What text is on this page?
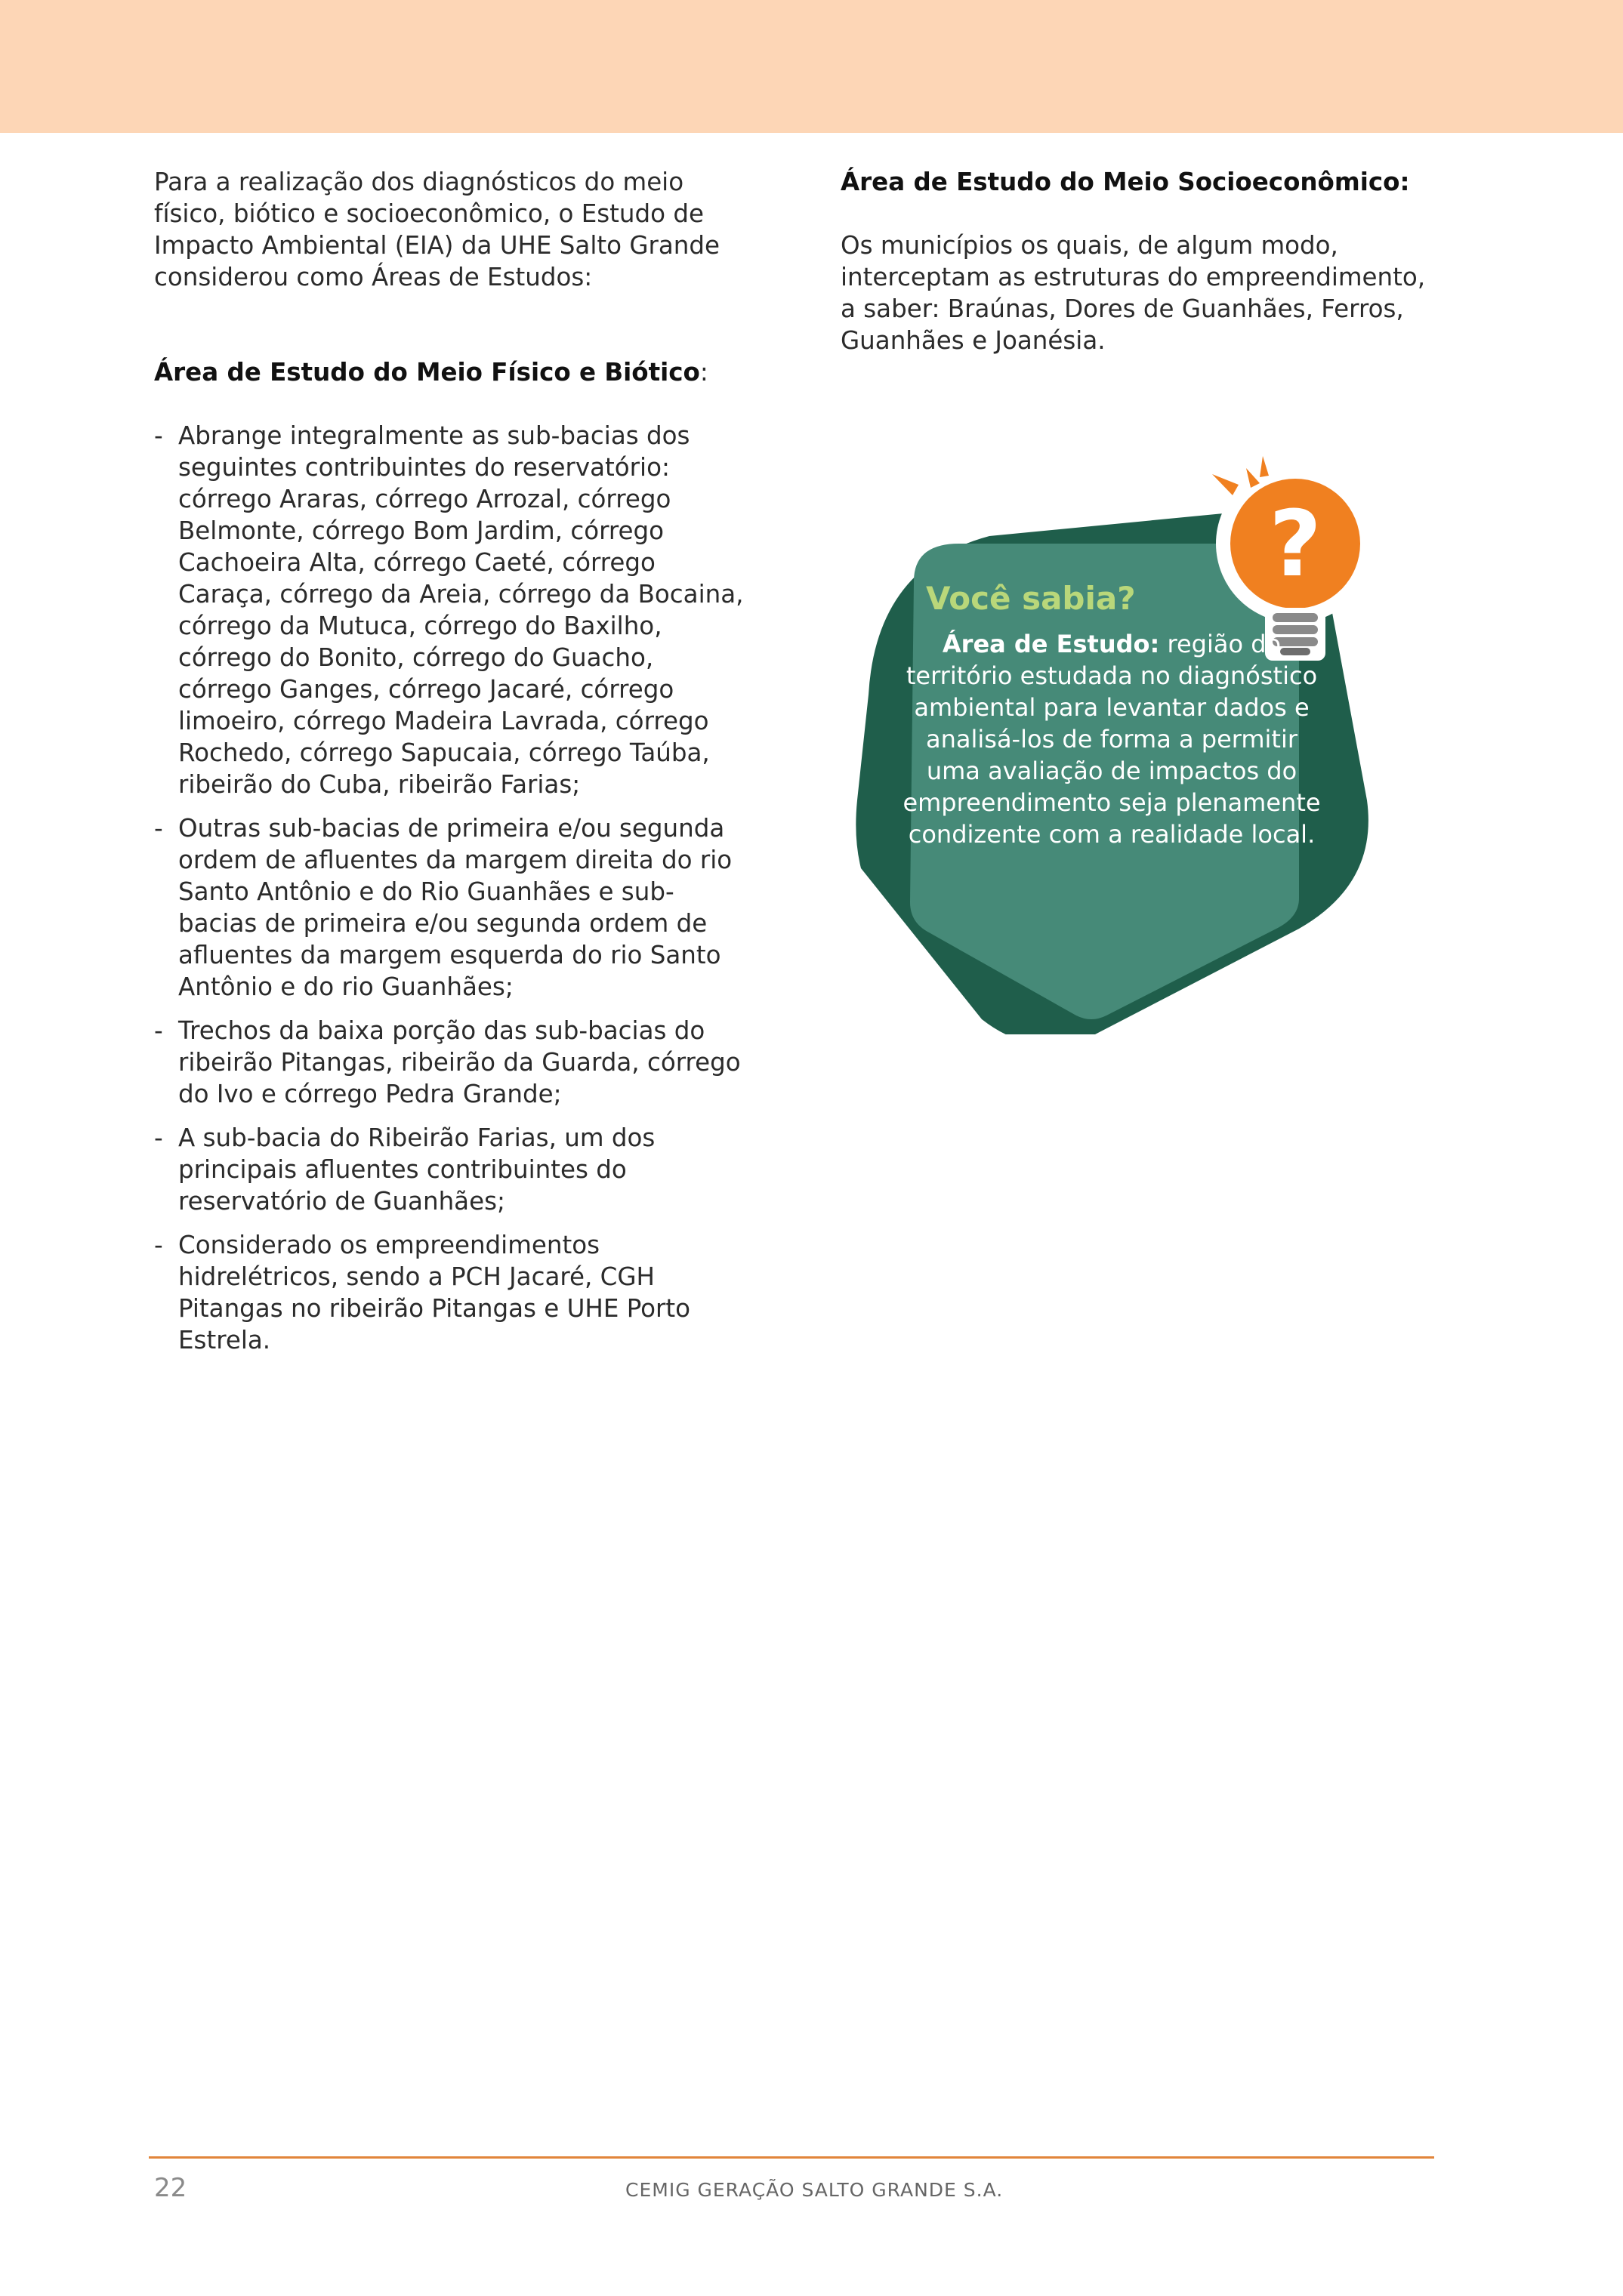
Para a realização dos diagnósticos do meio físico, biótico e socioeconômico, o Estudo de Impacto Ambiental (EIA) da UHE Salto Grande considerou como Áreas de Estudos:

Área de Estudo do Meio Físico e Biótico:

- Abrange integralmente as sub-bacias dos seguintes contribuintes do reservatório: córrego Araras, córrego Arrozal, córrego Belmonte, córrego Bom Jardim, córrego Cachoeira Alta, córrego Caeté, córrego Caraça, córrego da Areia, córrego da Bocaina, córrego da Mutuca, córrego do Baxilho, córrego do Bonito, córrego do Guacho, córrego Ganges, córrego Jacaré, córrego limoeiro, córrego Madeira Lavrada, córrego Rochedo, córrego Sapucaia, córrego Taúba, ribeirão do Cuba, ribeirão Farias;
- Outras sub-bacias de primeira e/ou segunda ordem de afluentes da margem direita do rio Santo Antônio e do Rio Guanhães e sub-bacias de primeira e/ou segunda ordem de afluentes da margem esquerda do rio Santo Antônio e do rio Guanhães;
- Trechos da baixa porção das sub-bacias do ribeirão Pitangas, ribeirão da Guarda, córrego do Ivo e córrego Pedra Grande;
- A sub-bacia do Ribeirão Farias, um dos principais afluentes contribuintes do reservatório de Guanhães;
- Considerado os empreendimentos hidrelétricos, sendo a PCH Jacaré, CGH Pitangas no ribeirão Pitangas e UHE Porto Estrela.

Área de Estudo do Meio Socioeconômico:

Os municípios os quais, de algum modo, interceptam as estruturas do empreendimento, a saber: Braúnas, Dores de Guanhães, Ferros, Guanhães e Joanésia.

?

Você sabia?

Área de Estudo: região do território estudada no diagnóstico ambiental para levantar dados e analisá-los de forma a permitir uma avaliação de impactos do empreendimento seja plenamente condizente com a realidade local.
22	CEMIG GERAÇÃO SALTO GRANDE S.A.
